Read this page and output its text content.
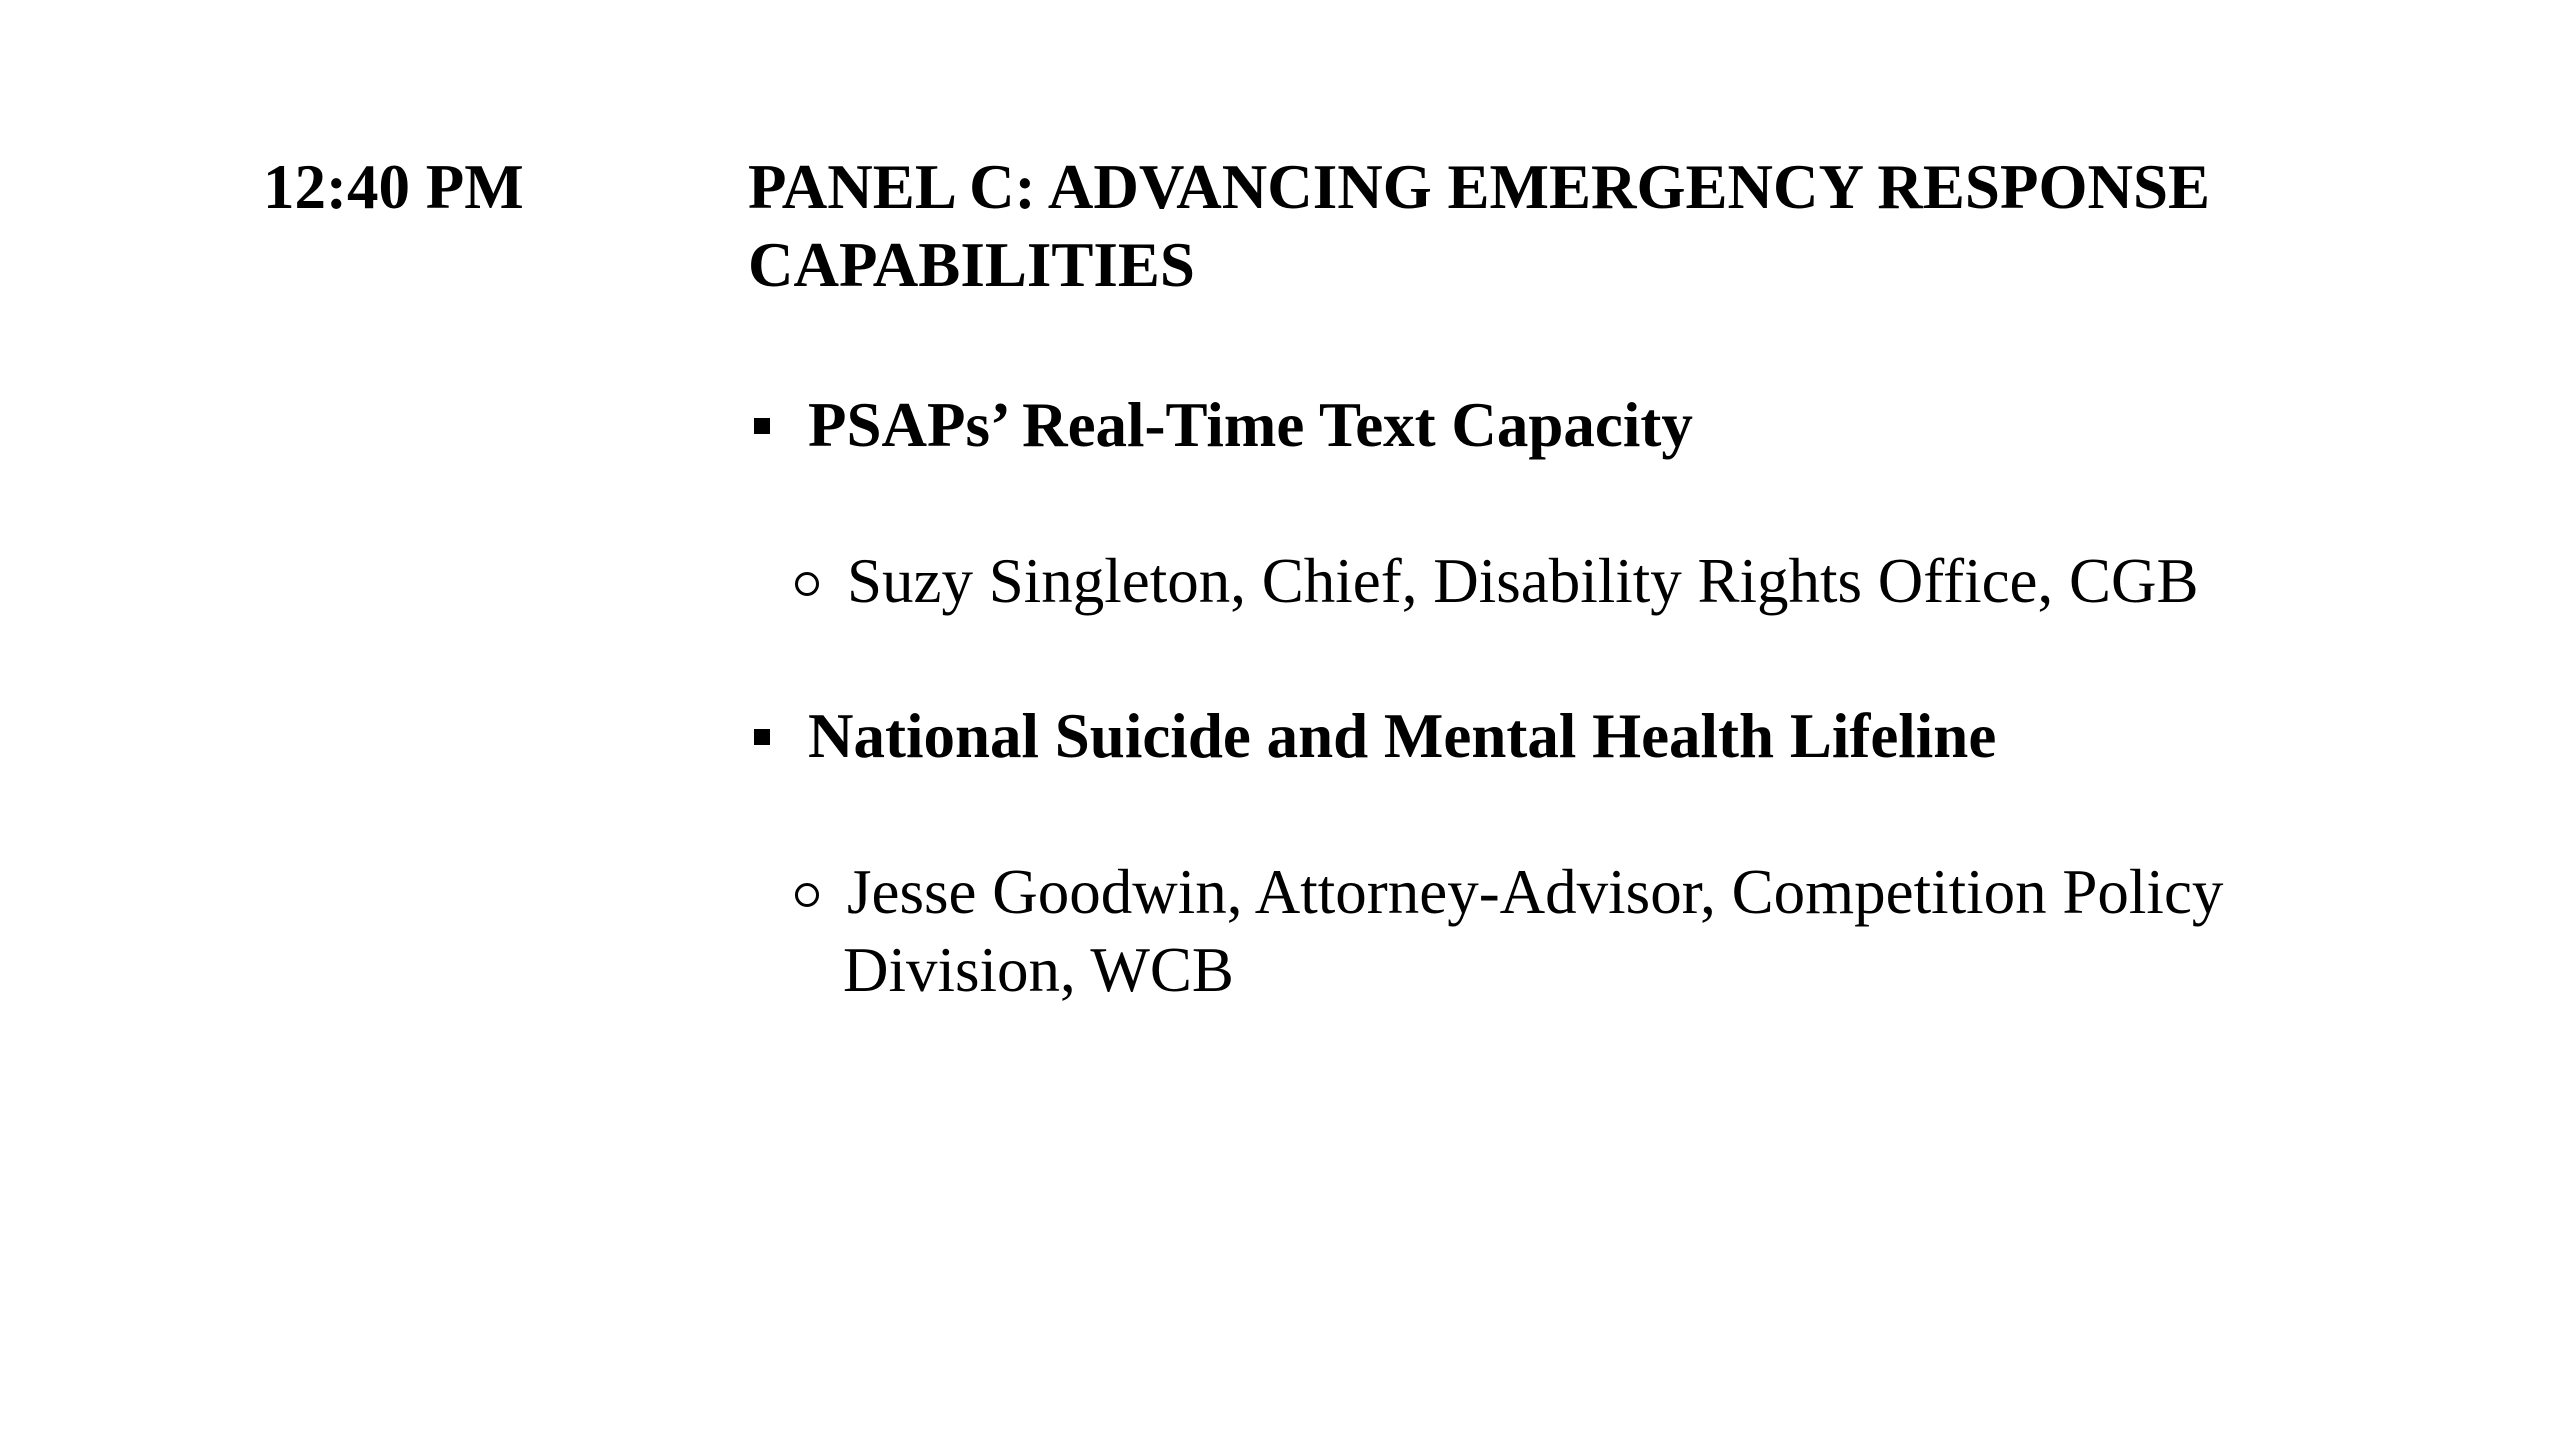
12:40 PM	PANEL C: ADVANCING EMERGENCY RESPONSE CAPABILITIES
PSAPs’ Real-Time Text Capacity
Suzy Singleton, Chief, Disability Rights Office, CGB
National Suicide and Mental Health Lifeline
Jesse Goodwin, Attorney-Advisor, Competition Policy
Division, WCB
